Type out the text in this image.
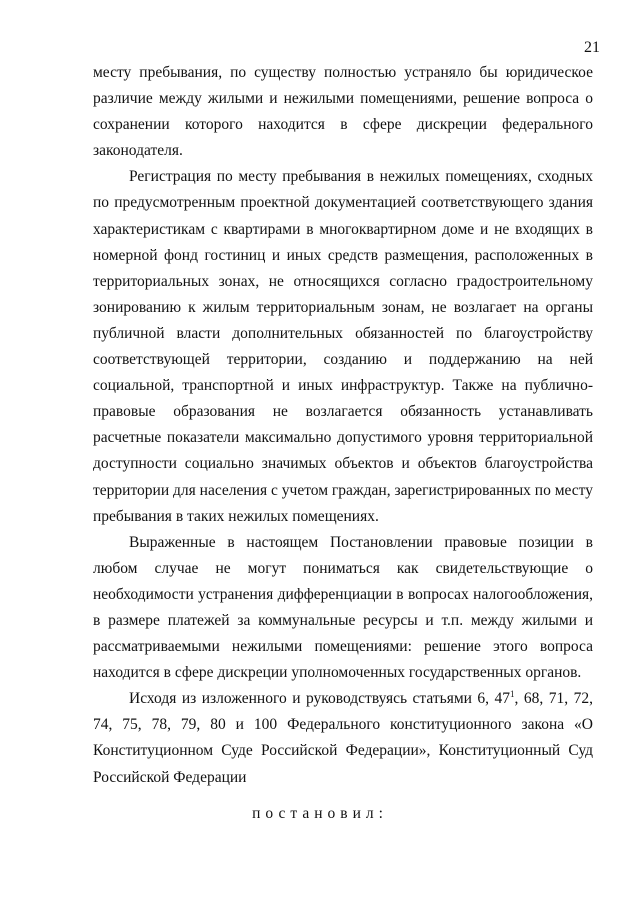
21

месту пребывания, по существу полностью устраняло бы юридическое различие между жилыми и нежилыми помещениями, решение вопроса о сохранении которого находится в сфере дискреции федерального законодателя.

Регистрация по месту пребывания в нежилых помещениях, сходных по предусмотренным проектной документацией соответствующего здания характеристикам с квартирами в многоквартирном доме и не входящих в номерной фонд гостиниц и иных средств размещения, расположенных в территориальных зонах, не относящихся согласно градостроительному зонированию к жилым территориальным зонам, не возлагает на органы публичной власти дополнительных обязанностей по благоустройству соответствующей территории, созданию и поддержанию на ней социальной, транспортной и иных инфраструктур. Также на публично-правовые образования не возлагается обязанность устанавливать расчетные показатели максимально допустимого уровня территориальной доступности социально значимых объектов и объектов благоустройства территории для населения с учетом граждан, зарегистрированных по месту пребывания в таких нежилых помещениях.

Выраженные в настоящем Постановлении правовые позиции в любом случае не могут пониматься как свидетельствующие о необходимости устранения дифференциации в вопросах налогообложения, в размере платежей за коммунальные ресурсы и т.п. между жилыми и рассматриваемыми нежилыми помещениями: решение этого вопроса находится в сфере дискреции уполномоченных государственных органов.

Исходя из изложенного и руководствуясь статьями 6, $47^1$, 68, 71, 72, 74, 75, 78, 79, 80 и 100 Федерального конституционного закона «О Конституционном Суде Российской Федерации», Конституционный Суд Российской Федерации

постановил:
